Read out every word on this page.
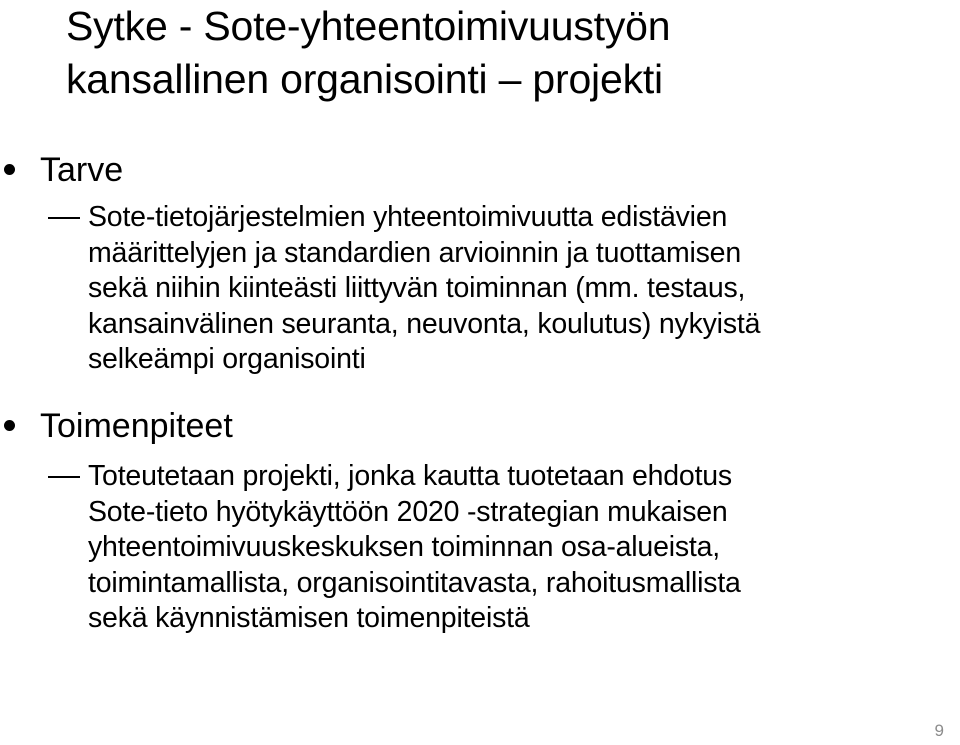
Sytke - Sote-yhteentoimivuustyön
kansallinen organisointi – projekti
Tarve
Sote-tietojärjestelmien yhteentoimivuutta edistävien
määrittelyjen ja standardien arvioinnin ja tuottamisen
sekä niihin kiinteästi liittyvän toiminnan (mm. testaus,
kansainvälinen seuranta, neuvonta, koulutus) nykyistä
selkeämpi organisointi
Toimenpiteet
Toteutetaan projekti, jonka kautta tuotetaan ehdotus
Sote-tieto hyötykäyttöön 2020 -strategian mukaisen
yhteentoimivuuskeskuksen toiminnan osa-alueista,
toimintamallista, organisointitavasta, rahoitusmallista
sekä käynnistämisen toimenpiteistä
9
